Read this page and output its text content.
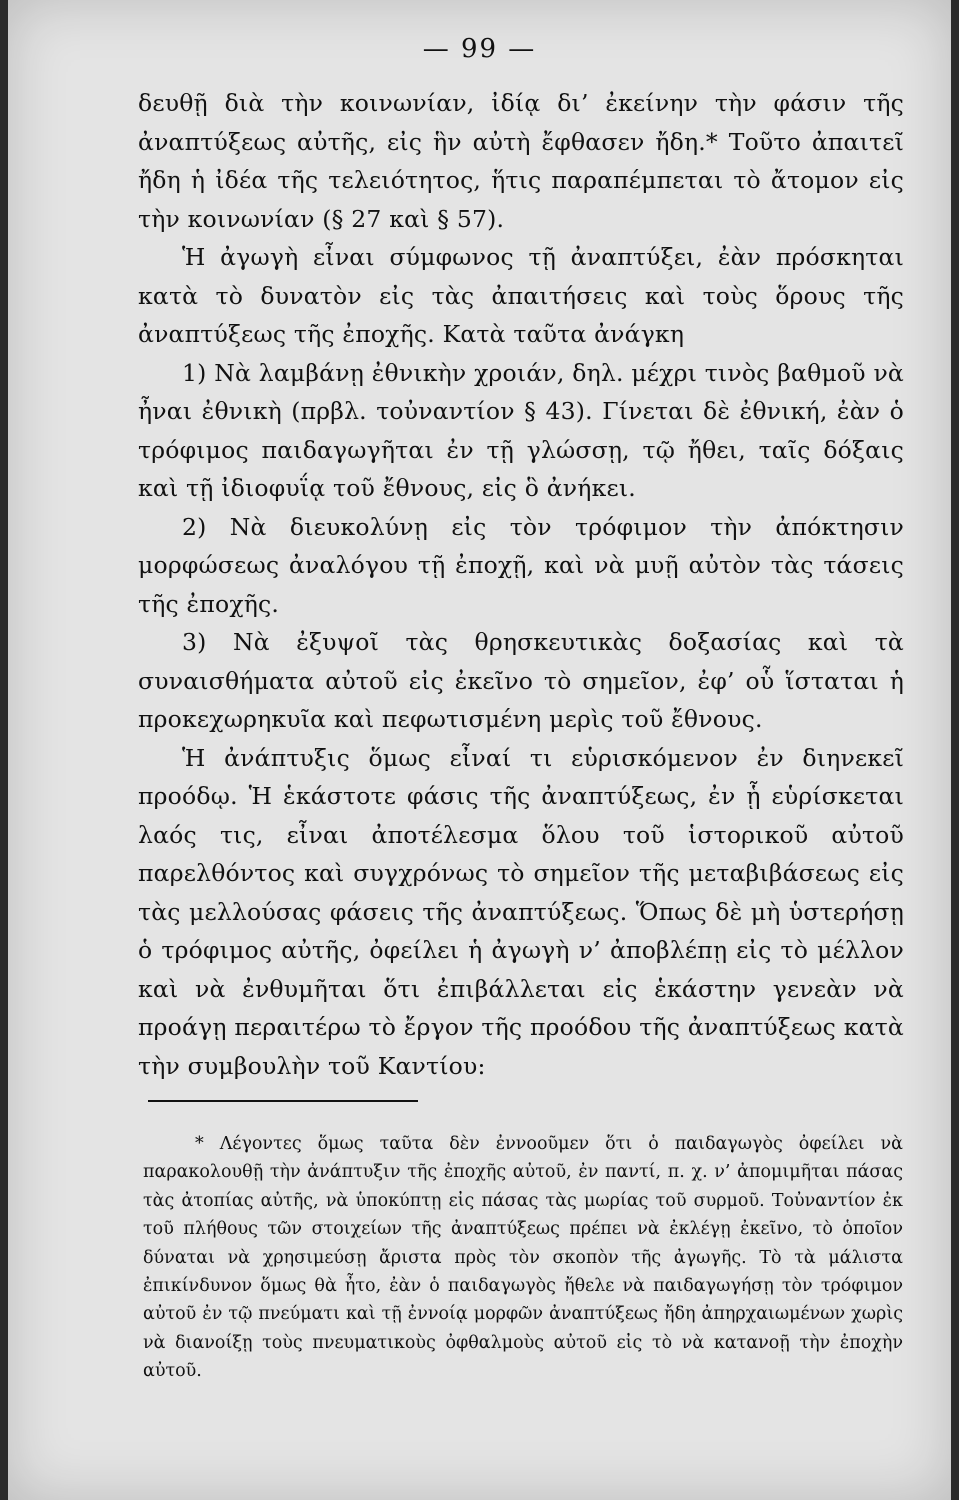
— 99 —

δευθῇ διὰ τὴν κοινωνίαν, ἰδίᾳ δι’ ἐκείνην τὴν φάσιν τῆς ἀναπτύξεως αὐτῆς, εἰς ἣν αὐτὴ ἔφθασεν ἤδη.* Τοῦτο ἀπαιτεῖ ἤδη ἡ ἰδέα τῆς τελειότητος, ἥτις παραπέμπεται τὸ ἄτομον εἰς τὴν κοινωνίαν (§ 27 καὶ § 57).

Ἡ ἀγωγὴ εἶναι σύμφωνος τῇ ἀναπτύξει, ἐὰν πρόσκηται κατὰ τὸ δυνατὸν εἰς τὰς ἀπαιτήσεις καὶ τοὺς ὅρους τῆς ἀναπτύξεως τῆς ἐποχῆς. Κατὰ ταῦτα ἀνάγκη

1) Νὰ λαμβάνῃ ἐθνικὴν χροιάν, δηλ. μέχρι τινὸς βαθμοῦ νὰ ἦναι ἐθνικὴ (πρβλ. τοὐναντίον § 43). Γίνεται δὲ ἐθνική, ἐὰν ὁ τρόφιμος παιδαγωγῆται ἐν τῇ γλώσσῃ, τῷ ἤθει, ταῖς δόξαις καὶ τῇ ἰδιοφυΐᾳ τοῦ ἔθνους, εἰς ὃ ἀνήκει.

2) Νὰ διευκολύνῃ εἰς τὸν τρόφιμον τὴν ἀπόκτησιν μορφώσεως ἀναλόγου τῇ ἐποχῇ, καὶ νὰ μυῇ αὐτὸν τὰς τάσεις τῆς ἐποχῆς.

3) Νὰ ἐξυψοῖ τὰς θρησκευτικὰς δοξασίας καὶ τὰ συναισθήματα αὐτοῦ εἰς ἐκεῖνο τὸ σημεῖον, ἐφ’ οὗ ἵσταται ἡ προκεχωρηκυῖα καὶ πεφωτισμένη μερὶς τοῦ ἔθνους.

Ἡ ἀνάπτυξις ὅμως εἶναί τι εὑρισκόμενον ἐν διηνεκεῖ προόδῳ. Ἡ ἑκάστοτε φάσις τῆς ἀναπτύξεως, ἐν ᾗ εὑρίσκεται λαός τις, εἶναι ἀποτέλεσμα ὅλου τοῦ ἱστορικοῦ αὐτοῦ παρελθόντος καὶ συγχρόνως τὸ σημεῖον τῆς μεταβιβάσεως εἰς τὰς μελλούσας φάσεις τῆς ἀναπτύξεως. Ὅπως δὲ μὴ ὑστερήσῃ ὁ τρόφιμος αὐτῆς, ὀφείλει ἡ ἀγωγὴ ν’ ἀποβλέπῃ εἰς τὸ μέλλον καὶ νὰ ἐνθυμῆται ὅτι ἐπιβάλλεται εἰς ἑκάστην γενεὰν νὰ προάγῃ περαιτέρω τὸ ἔργον τῆς προόδου τῆς ἀναπτύξεως κατὰ τὴν συμβουλὴν τοῦ Καντίου:

* Λέγοντες ὅμως ταῦτα δὲν ἐννοοῦμεν ὅτι ὁ παιδαγωγὸς ὀφείλει νὰ παρακολουθῇ τὴν ἀνάπτυξιν τῆς ἐποχῆς αὐτοῦ, ἐν παντί, π. χ. ν’ ἀπομιμῆται πάσας τὰς ἀτοπίας αὐτῆς, νὰ ὑποκύπτῃ εἰς πάσας τὰς μωρίας τοῦ συρμοῦ. Τοὐναντίον ἐκ τοῦ πλήθους τῶν στοιχείων τῆς ἀναπτύξεως πρέπει νὰ ἐκλέγῃ ἐκεῖνο, τὸ ὁποῖον δύναται νὰ χρησιμεύσῃ ἄριστα πρὸς τὸν σκοπὸν τῆς ἀγωγῆς. Τὸ τὰ μάλιστα ἐπικίνδυνον ὅμως θὰ ἦτο, ἐὰν ὁ παιδαγωγὸς ἤθελε νὰ παιδαγωγήσῃ τὸν τρόφιμον αὐτοῦ ἐν τῷ πνεύματι καὶ τῇ ἐννοίᾳ μορφῶν ἀναπτύξεως ἤδη ἀπηρχαιωμένων χωρὶς νὰ διανοίξῃ τοὺς πνευματικοὺς ὀφθαλμοὺς αὐτοῦ εἰς τὸ νὰ κατανοῇ τὴν ἐποχὴν αὐτοῦ.
